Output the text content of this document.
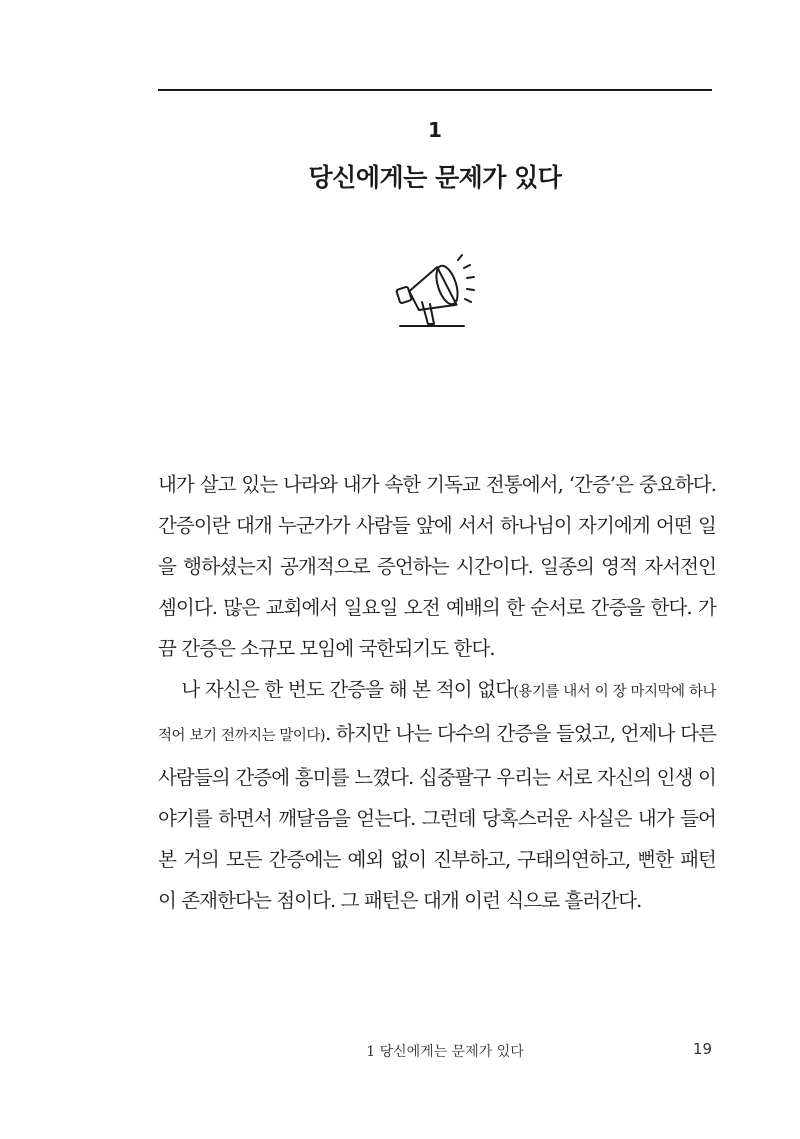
1
당신에게는 문제가 있다

내가 살고 있는 나라와 내가 속한 기독교 전통에서, ‘간증’은 중요하다. 간증이란 대개 누군가가 사람들 앞에 서서 하나님이 자기에게 어떤 일을 행하셨는지 공개적으로 증언하는 시간이다. 일종의 영적 자서전인 셈이다. 많은 교회에서 일요일 오전 예배의 한 순서로 간증을 한다. 가끔 간증은 소규모 모임에 국한되기도 한다.

나 자신은 한 번도 간증을 해 본 적이 없다(용기를 내서 이 장 마지막에 하나 적어 보기 전까지는 말이다). 하지만 나는 다수의 간증을 들었고, 언제나 다른 사람들의 간증에 흥미를 느꼈다. 십중팔구 우리는 서로 자신의 인생 이야기를 하면서 깨달음을 얻는다. 그런데 당혹스러운 사실은 내가 들어 본 거의 모든 간증에는 예외 없이 진부하고, 구태의연하고, 뻔한 패턴이 존재한다는 점이다. 그 패턴은 대개 이런 식으로 흘러간다.

1 당신에게는 문제가 있다	19
